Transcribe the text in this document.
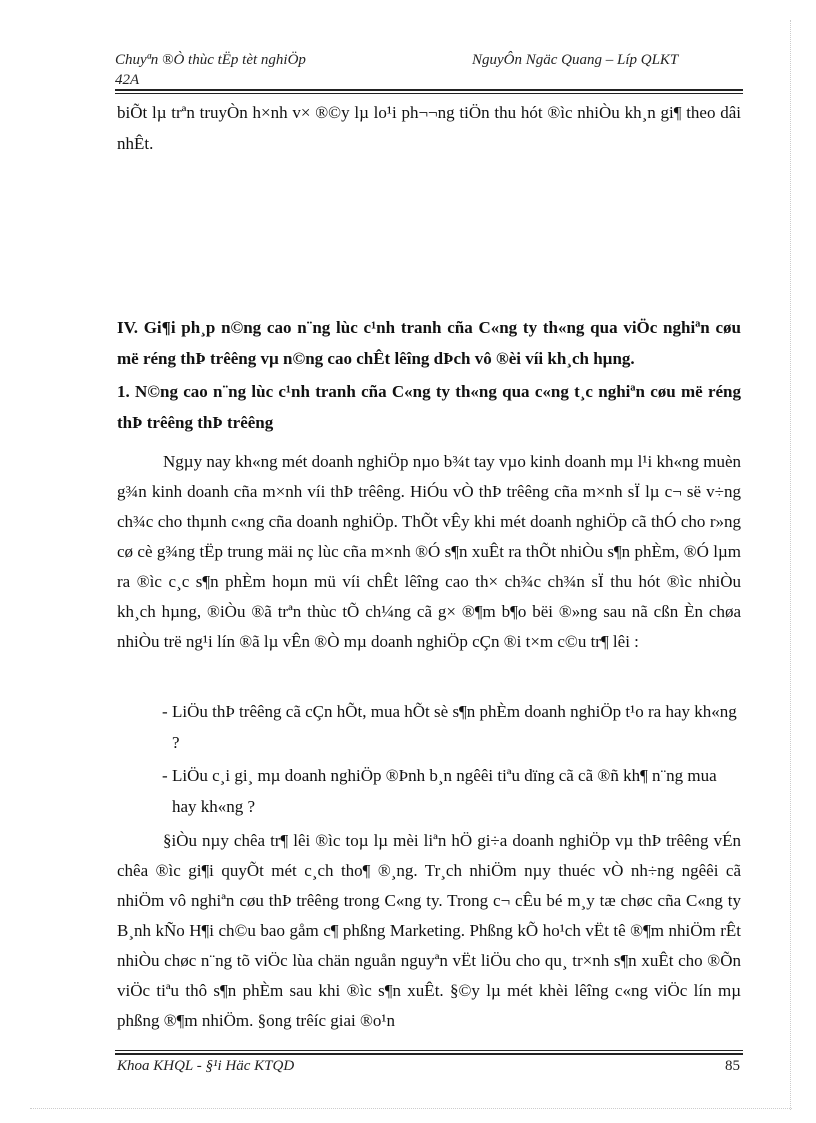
Chuyªn ®Ò thùc tËp tèt nghiÖp
42A
NguyÔn Ngäc Quang – Líp QLKT
biÕt lµ trªn truyÒn h×nh v× ®©y lµ lo¹i ph¬¬ng tiÖn thu hót ®ìc nhiÒu kh¸n gi¶ theo dâi nhÊt.
IV. Gi¶i ph¸p n©ng cao n¨ng lùc c¹nh tranh cña C«ng ty th«ng qua viÖc nghiªn cøu më réng thÞ trêêng vµ n©ng cao chÊt lêîng dÞch vô ®èi víi kh¸ch hµng.
1. N©ng cao n¨ng lùc c¹nh tranh cña C«ng ty th«ng qua c«ng t¸c nghiªn cøu më réng thÞ trêêng thÞ trêêng
Ngµy nay kh«ng mét doanh nghiÖp nµo b¾t tay vµo kinh doanh mµ l¹i kh«ng muèn g¾n kinh doanh cña m×nh víi thÞ trêêng. HiÓu vÒ thÞ trêêng cña m×nh sÏ lµ c¬ së v÷ng ch¾c cho thµnh c«ng cña doanh nghiÖp. ThÕt vÊy khi mét doanh nghiÖp cã thÓ cho r»ng cø cè g¾ng tËp trung mäi nç lùc cña m×nh ®Ó s¶n xuÊt ra thÕt nhiÒu s¶n phÈm, ®Ó lµm ra ®ìc c¸c s¶n phÈm hoµn mü víi chÊt lêîng cao th× ch¾c ch¾n sÏ thu hót ®ìc nhiÒu kh¸ch hµng, ®iÒu ®ã trªn thùc tÕ ch¼ng cã g× ®¶m b¶o bëi ®»ng sau nã cßn Èn chøa nhiÒu trë ng¹i lín ®ã lµ vÊn ®Ò mµ doanh nghiÖp cÇn ®i t×m c©u tr¶ lêi :
- LiÖu thÞ trêêng cã cÇn hÕt, mua hÕt sè s¶n phÈm doanh nghiÖp t¹o ra hay kh«ng ?
- LiÖu c¸i gi¸ mµ doanh nghiÖp ®Þnh b¸n ngêêi tiªu dïng cã cã ®ñ kh¶ n¨ng mua hay kh«ng ?
§iÒu nµy chêa tr¶ lêi ®ìc toµ lµ mèi liªn hÖ gi÷a doanh nghiÖp vµ thÞ trêêng vÉn chêa ®ìc gi¶i quyÕt mét c¸ch tho¶ ®¸ng. Tr¸ch nhiÖm nµy thuéc vÒ nh÷ng ngêêi cã nhiÖm vô nghiªn cøu thÞ trêêng trong C«ng ty. Trong c¬ cÊu bé m¸y tæ chøc cña C«ng ty B¸nh kÑo H¶i ch©u bao gåm c¶ phßng Marketing. Phßng kÕ ho¹ch vËt tê ®¶m nhiÖm rÊt nhiÒu chøc n¨ng tõ viÖc lùa chän nguån nguyªn vËt liÖu cho qu¸ tr×nh s¶n xuÊt cho ®Õn viÖc tiªu thô s¶n phÈm sau khi ®ìc s¶n xuÊt. §©y lµ mét khèi lêîng c«ng viÖc lín mµ phßng ®¶m nhiÖm. §ong trêíc giai ®o¹n
Khoa KHQL - §¹i Häc KTQD	85
